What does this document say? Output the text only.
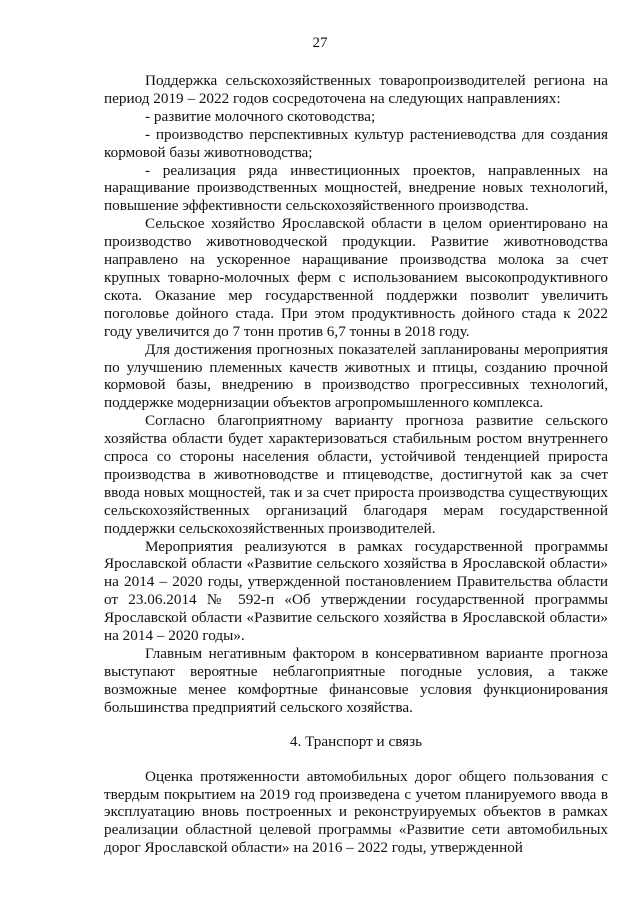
27

Поддержка сельскохозяйственных товаропроизводителей региона на период 2019 – 2022 годов сосредоточена на следующих направлениях:

- развитие молочного скотоводства;

- производство перспективных культур растениеводства для создания кормовой базы животноводства;

- реализация ряда инвестиционных проектов, направленных на наращивание производственных мощностей, внедрение новых технологий, повышение эффективности сельскохозяйственного производства.

Сельское хозяйство Ярославской области в целом ориентировано на производство животноводческой продукции. Развитие животноводства направлено на ускоренное наращивание производства молока за счет крупных товарно-молочных ферм с использованием высокопродуктивного скота. Оказание мер государственной поддержки позволит увеличить поголовье дойного стада. При этом продуктивность дойного стада к 2022 году увеличится до 7 тонн против 6,7 тонны в 2018 году.

Для достижения прогнозных показателей запланированы мероприятия по улучшению племенных качеств животных и птицы, созданию прочной кормовой базы, внедрению в производство прогрессивных технологий, поддержке модернизации объектов агропромышленного комплекса.

Согласно благоприятному варианту прогноза развитие сельского хозяйства области будет характеризоваться стабильным ростом внутреннего спроса со стороны населения области, устойчивой тенденцией прироста производства в животноводстве и птицеводстве, достигнутой как за счет ввода новых мощностей, так и за счет прироста производства существующих сельскохозяйственных организаций благодаря мерам государственной поддержки сельскохозяйственных производителей.

Мероприятия реализуются в рамках государственной программы Ярославской области «Развитие сельского хозяйства в Ярославской области» на 2014 – 2020 годы, утвержденной постановлением Правительства области от 23.06.2014 № 592-п «Об утверждении государственной программы Ярославской области «Развитие сельского хозяйства в Ярославской области» на 2014 – 2020 годы».

Главным негативным фактором в консервативном варианте прогноза выступают вероятные неблагоприятные погодные условия, а также возможные менее комфортные финансовые условия функционирования большинства предприятий сельского хозяйства.

4. Транспорт и связь

Оценка протяженности автомобильных дорог общего пользования с твердым покрытием на 2019 год произведена с учетом планируемого ввода в эксплуатацию вновь построенных и реконструируемых объектов в рамках реализации областной целевой программы «Развитие сети автомобильных дорог Ярославской области» на 2016 – 2022 годы, утвержденной
